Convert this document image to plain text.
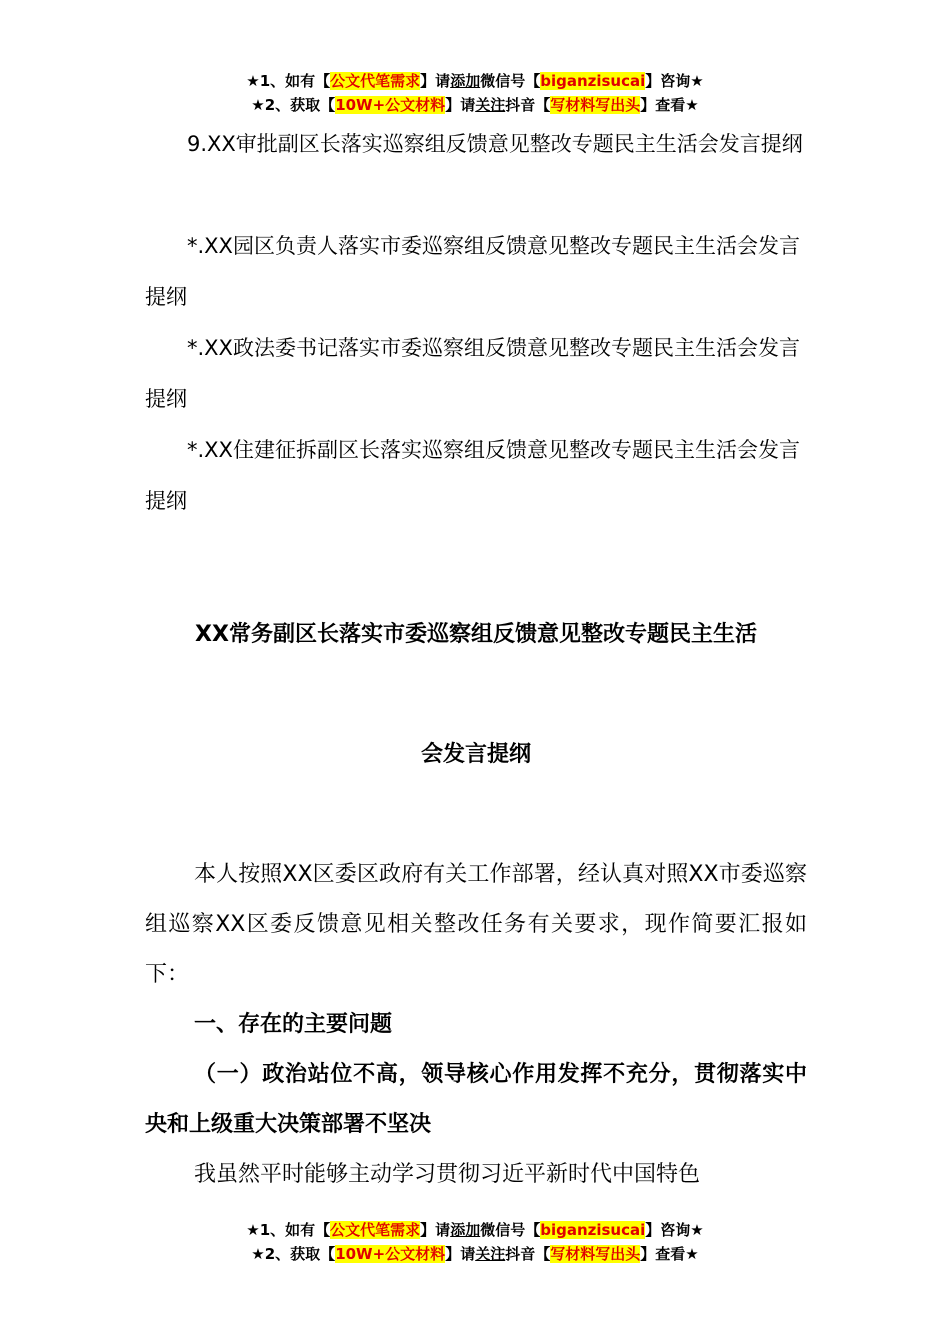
★1、如有【公文代笔需求】请添加微信号【biganzisucai】咨询★
★2、获取【10W+公文材料】请关注抖音【写材料写出头】查看★

9.XX审批副区长落实巡察组反馈意见整改专题民主生活会发言提纲

*.XX园区负责人落实市委巡察组反馈意见整改专题民主生活会发言提纲

*.XX政法委书记落实市委巡察组反馈意见整改专题民主生活会发言提纲

*.XX住建征拆副区长落实巡察组反馈意见整改专题民主生活会发言提纲

XX常务副区长落实市委巡察组反馈意见整改专题民主生活

会发言提纲

本人按照XX区委区政府有关工作部署，经认真对照XX市委巡察组巡察XX区委反馈意见相关整改任务有关要求，现作简要汇报如下：

一、存在的主要问题

（一）政治站位不高，领导核心作用发挥不充分，贯彻落实中央和上级重大决策部署不坚决

我虽然平时能够主动学习贯彻习近平新时代中国特色

★1、如有【公文代笔需求】请添加微信号【biganzisucai】咨询★
★2、获取【10W+公文材料】请关注抖音【写材料写出头】查看★
